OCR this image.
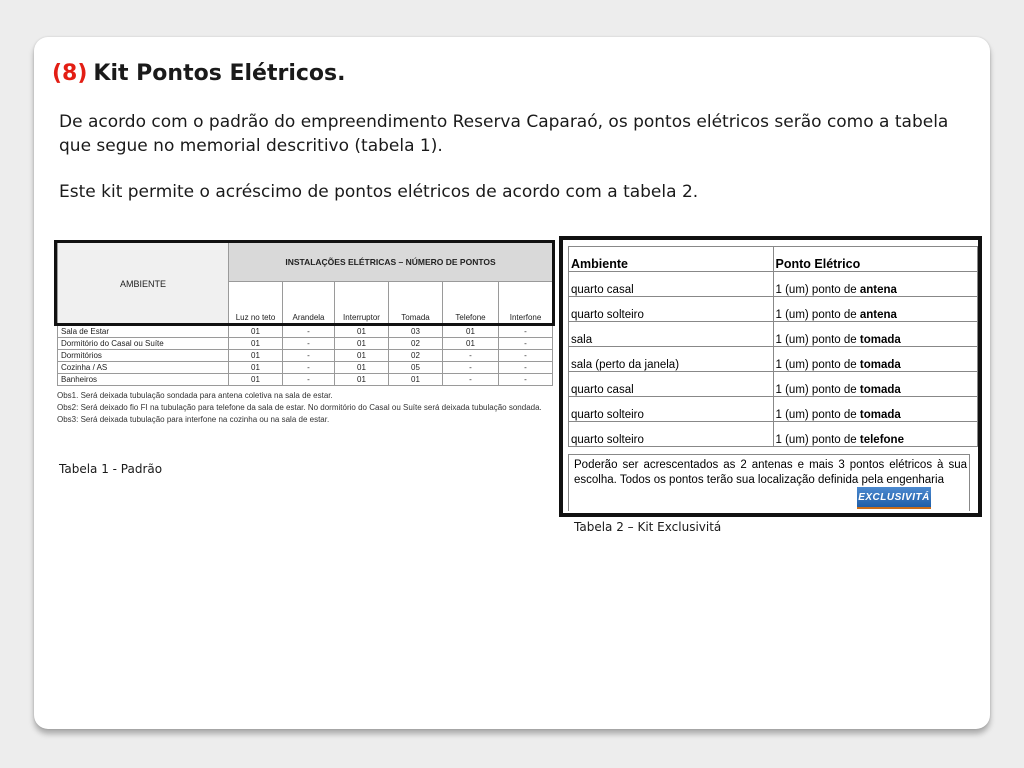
(8) Kit Pontos Elétricos.

De acordo com o padrão do empreendimento Reserva Caparaó, os pontos elétricos serão como a tabela que segue no memorial descritivo (tabela 1).

Este kit permite o acréscimo de pontos elétricos de acordo com a tabela 2.

AMBIENTE	INSTALAÇÕES ELÉTRICAS – NÚMERO DE PONTOS					
	Luz no teto	Arandela	Interruptor	Tomada	Telefone	Interfone
Sala de Estar	01	-	01	03	01	-
Dormitório do Casal ou Suíte	01	-	01	02	01	-
Dormitórios	01	-	01	02	-	-
Cozinha / AS	01	-	01	05	-	-
Banheiros	01	-	01	01	-	-
Obs1. Será deixada tubulação sondada para antena coletiva na sala de estar.
Obs2: Será deixado fio FI na tubulação para telefone da sala de estar. No dormitório do Casal ou Suíte será deixada tubulação sondada.
Obs3: Será deixada tubulação para interfone na cozinha ou na sala de estar.
Tabela 1 - Padrão
Ambiente	Ponto Elétrico
quarto casal	1 (um) ponto de antena
quarto solteiro	1 (um) ponto de antena
sala	1 (um) ponto de tomada
sala (perto da janela)	1 (um) ponto de tomada
quarto casal	1 (um) ponto de tomada
quarto solteiro	1 (um) ponto de tomada
quarto solteiro	1 (um) ponto de telefone
Poderão ser acrescentados as 2 antenas e mais 3 pontos elétricos à sua escolha. Todos os pontos terão sua localização definida pela engenharia
EXCLUSIVITÁ
Tabela 2 – Kit Exclusivitá
